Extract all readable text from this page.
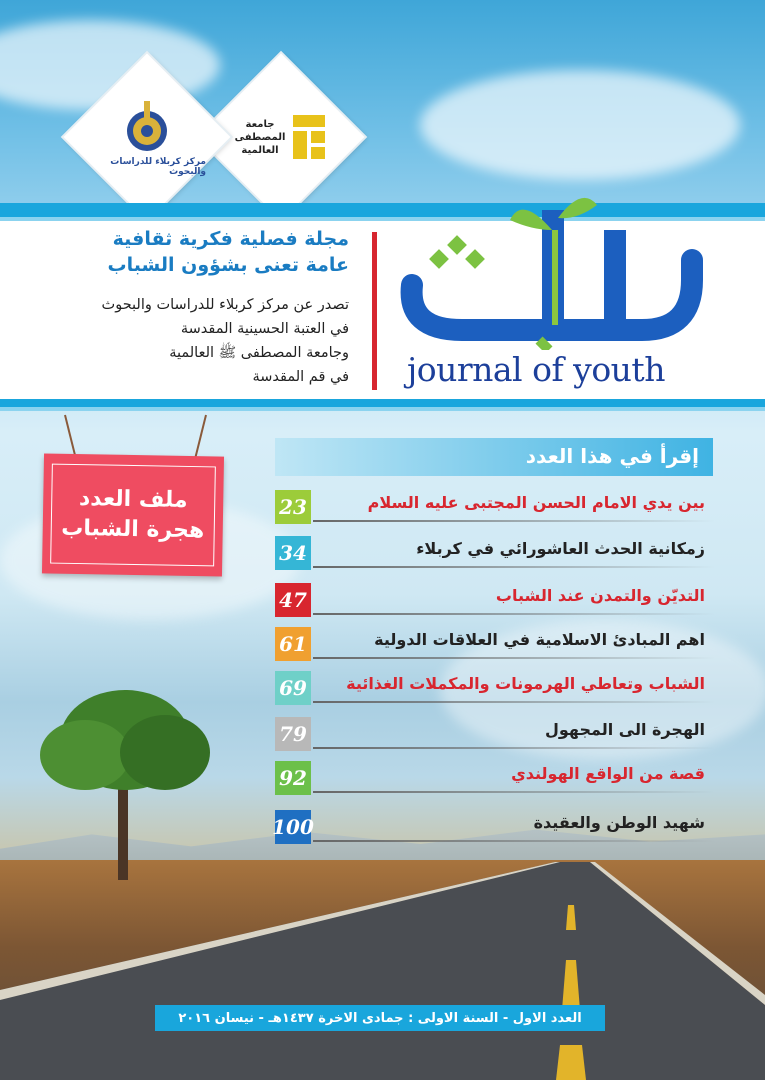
جامعة
المصطفى
العالمية
مركز كربلاء للدراسات والبحوث
journal of youth
مجلة فصلية فكرية ثقافية
عامة تعنى بشؤون الشباب
تصدر عن مركز كربلاء للدراسات والبحوث
في العتبة الحسينية المقدسة
وجامعة المصطفى ﷺ العالمية
في قم المقدسة
ملف العدد
هجرة الشباب
إقرأ في هذا العدد
23	بين يدي الامام الحسن المجتبى عليه السلام
34	زمكانية الحدث العاشورائي في كربلاء
47	التديّن والتمدن عند الشباب
61	اهم المبادئ الاسلامية في العلاقات الدولية
69 الشباب وتعاطي الهرمونات والمكملات الغذائية
79	الهجرة الى المجهول
92	قصة من الواقع الهولندي
100	شهيد الوطن والعقيدة
العدد الاول - السنة الاولى : جمادى الاخرة ١٤٣٧هـ - نيسان ٢٠١٦
